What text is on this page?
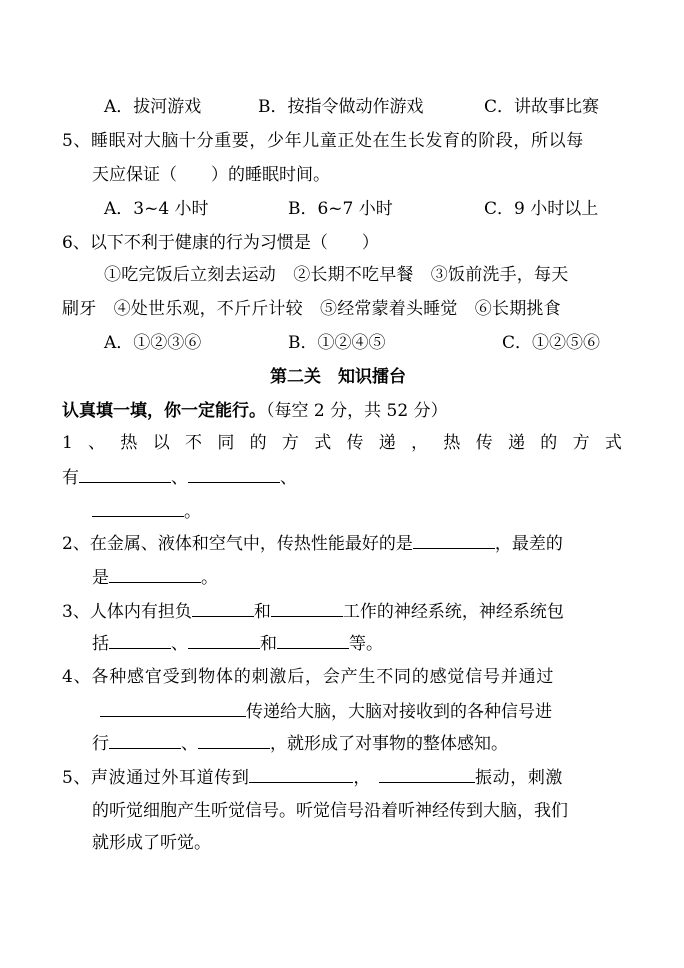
A．拔河游戏	B．按指令做动作游戏	C．讲故事比赛
5、睡眠对大脑十分重要，少年儿童正处在生长发育的阶段，所以每
天应保证（　　）的睡眠时间。
A．3~4 小时	B．6~7 小时	C．9 小时以上
6、以下不利于健康的行为习惯是（　　）
①吃完饭后立刻去运动　②长期不吃早餐　③饭前洗手，每天
刷牙　④处世乐观，不斤斤计较　⑤经常蒙着头睡觉　⑥长期挑食
A．①②③⑥	B．①②④⑤	C．①②⑤⑥
第二关　知识擂台
认真填一填，你一定能行。（每空 2 分，共 52 分）
1 、 热 以 不 同 的 方 式 传 递 ， 热 传 递 的 方 式
有	、	、
。
2、在金属、液体和空气中，传热性能最好的是	，最差的
是	。
3、人体内有担负	和	工作的神经系统，神经系统包
括	、	和	等。
4、各种感官受到物体的刺激后，会产生不同的感觉信号并通过
传递给大脑，大脑对接收到的各种信号进
行	、	，就形成了对事物的整体感知。
5、声波通过外耳道传到	，	振动，刺激
的听觉细胞产生听觉信号。听觉信号沿着听神经传到大脑，我们
就形成了听觉。
